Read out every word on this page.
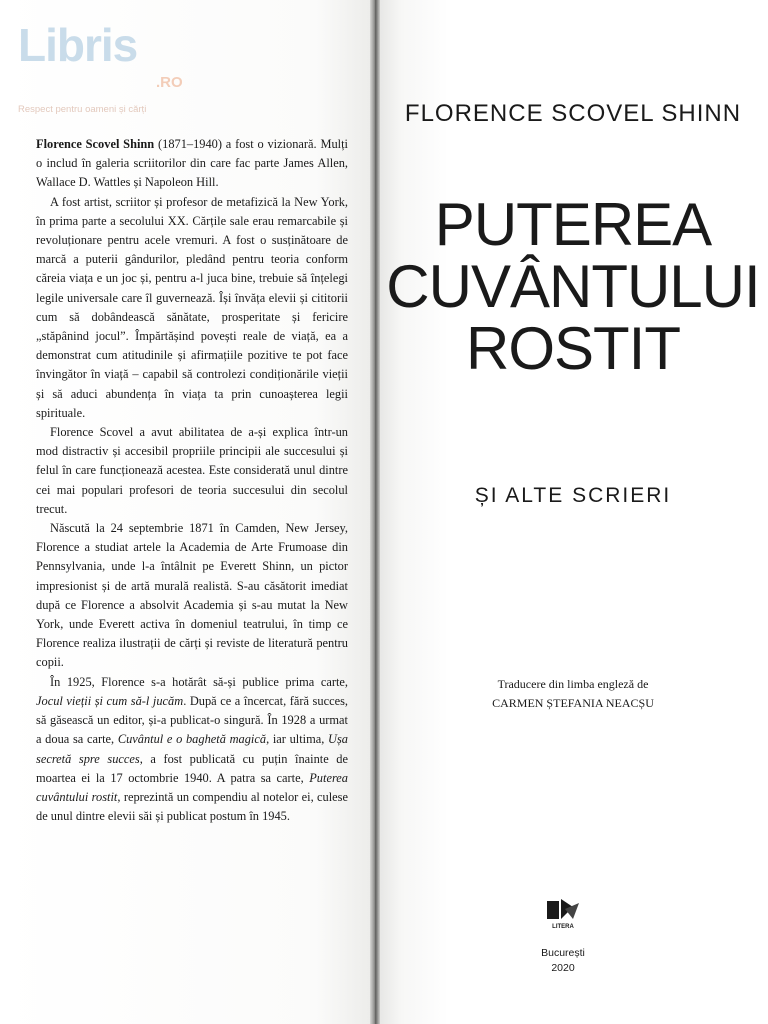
Libris
.RO
Respect pentru oameni și cărți

Florence Scovel Shinn (1871–1940) a fost o vizionară. Mulți o includ în galeria scriitorilor din care fac parte James Allen, Wallace D. Wattles și Napoleon Hill.

A fost artist, scriitor și profesor de metafizică la New York, în prima parte a secolului XX. Cărțile sale erau remarcabile și revoluționare pentru acele vremuri. A fost o susținătoare de marcă a puterii gândurilor, pledând pentru teoria conform căreia viața e un joc și, pentru a-l juca bine, trebuie să înțelegi legile universale care îl guvernează. Își învăța elevii și cititorii cum să dobândească sănătate, prosperitate și fericire „stăpânind jocul”. Împărtășind povești reale de viață, ea a demonstrat cum atitudinile și afirmațiile pozitive te pot face învingător în viață – capabil să controlezi condiționările vieții și să aduci abundența în viața ta prin cunoașterea legii spirituale.

Florence Scovel a avut abilitatea de a-și explica într-un mod distractiv și accesibil propriile principii ale succesului și felul în care funcționează acestea. Este considerată unul dintre cei mai populari profesori de teoria succesului din secolul trecut.

Născută la 24 septembrie 1871 în Camden, New Jersey, Florence a studiat artele la Academia de Arte Frumoase din Pennsylvania, unde l-a întâlnit pe Everett Shinn, un pictor impresionist și de artă murală realistă. S-au căsătorit imediat după ce Florence a absolvit Academia și s-au mutat la New York, unde Everett activa în domeniul teatrului, în timp ce Florence realiza ilustrații de cărți și reviste de literatură pentru copii.

În 1925, Florence s-a hotărât să-și publice prima carte, Jocul vieții și cum să-l jucăm. După ce a încercat, fără succes, să găsească un editor, și-a publicat-o singură. În 1928 a urmat a doua sa carte, Cuvântul e o baghetă magică, iar ultima, Ușa secretă spre succes, a fost publicată cu puțin înainte de moartea ei la 17 octombrie 1940. A patra sa carte, Puterea cuvântului rostit, reprezintă un compendiu al notelor ei, culese de unul dintre elevii săi și publicat postum în 1945.

FLORENCE SCOVEL SHINN
PUTEREA
CUVÂNTULUI
ROSTIT
ȘI ALTE SCRIERI
Traducere din limba engleză de
CARMEN ȘTEFANIA NEACȘU
LITERA
București
2020
